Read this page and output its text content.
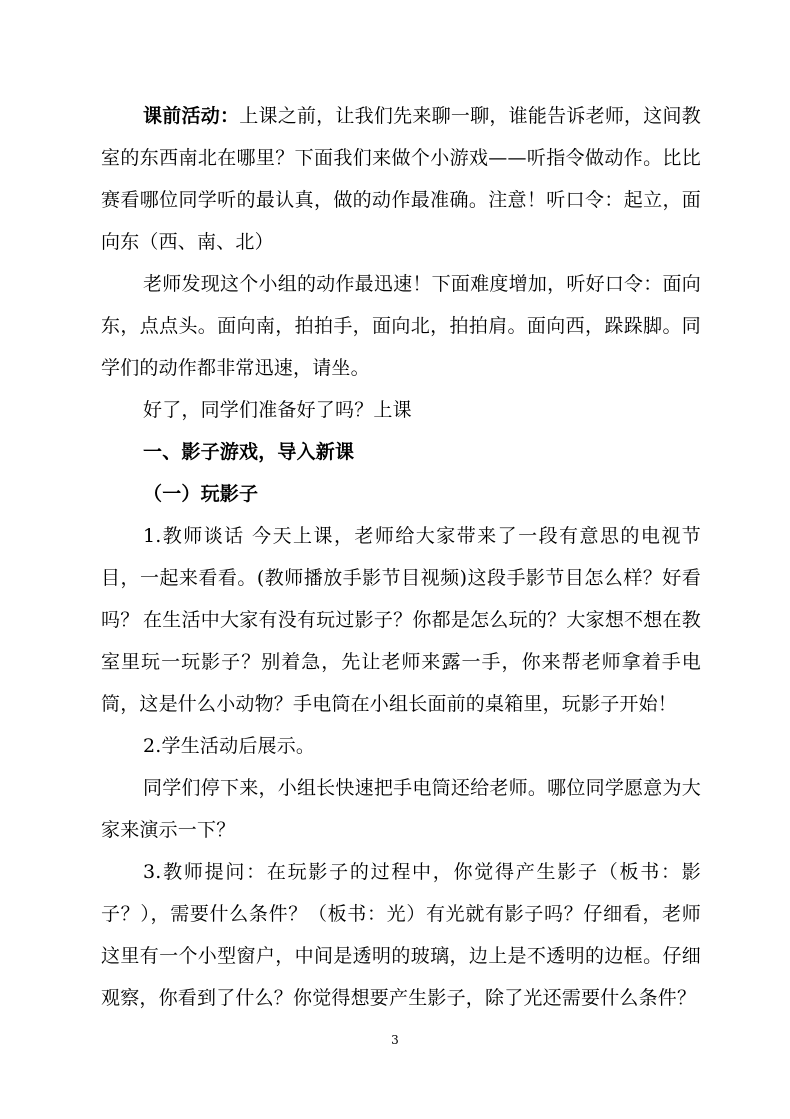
课前活动：上课之前，让我们先来聊一聊，谁能告诉老师，这间教室的东西南北在哪里？下面我们来做个小游戏——听指令做动作。比比赛看哪位同学听的最认真，做的动作最准确。注意！听口令：起立，面向东（西、南、北）

老师发现这个小组的动作最迅速！下面难度增加，听好口令：面向东，点点头。面向南，拍拍手，面向北，拍拍肩。面向西，跺跺脚。同学们的动作都非常迅速，请坐。

好了，同学们准备好了吗？上课

一、影子游戏，导入新课

（一）玩影子

1.教师谈话 今天上课，老师给大家带来了一段有意思的电视节目，一起来看看。(教师播放手影节目视频)这段手影节目怎么样？好看吗？ 在生活中大家有没有玩过影子？你都是怎么玩的？大家想不想在教室里玩一玩影子？别着急，先让老师来露一手，你来帮老师拿着手电筒，这是什么小动物？手电筒在小组长面前的桌箱里，玩影子开始！

2.学生活动后展示。

同学们停下来，小组长快速把手电筒还给老师。哪位同学愿意为大家来演示一下？

3.教师提问：在玩影子的过程中，你觉得产生影子（板书：影子？），需要什么条件？（板书：光）有光就有影子吗？仔细看，老师这里有一个小型窗户，中间是透明的玻璃，边上是不透明的边框。仔细观察，你看到了什么？你觉得想要产生影子，除了光还需要什么条件？

3
